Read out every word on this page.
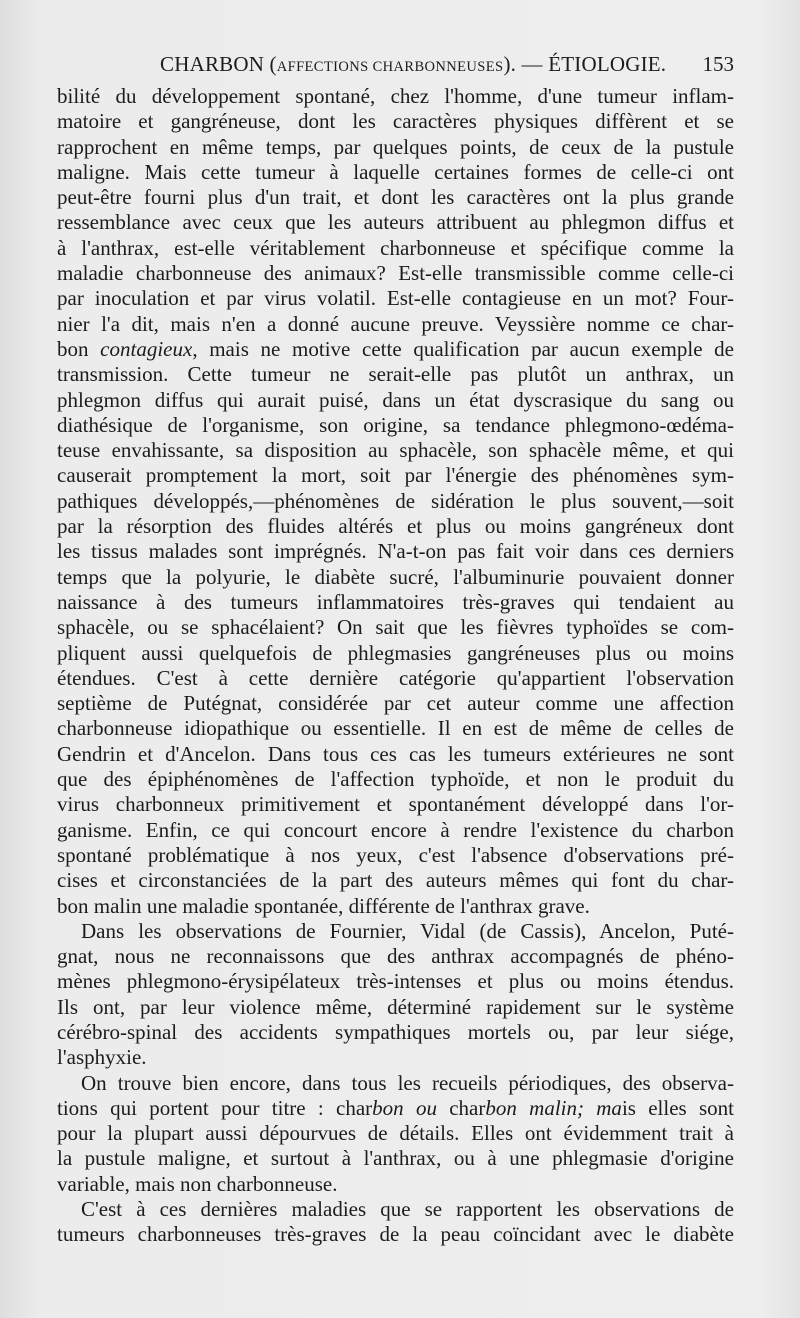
CHARBON (AFFECTIONS CHARBONNEUSES). — ÉTIOLOGIE. 153
bilité du développement spontané, chez l'homme, d'une tumeur inflam-
matoire et gangréneuse, dont les caractères physiques diffèrent et se
rapprochent en même temps, par quelques points, de ceux de la pustule
maligne. Mais cette tumeur à laquelle certaines formes de celle-ci ont
peut-être fourni plus d'un trait, et dont les caractères ont la plus grande
ressemblance avec ceux que les auteurs attribuent au phlegmon diffus et
à l'anthrax, est-elle véritablement charbonneuse et spécifique comme la
maladie charbonneuse des animaux? Est-elle transmissible comme celle-ci
par inoculation et par virus volatil. Est-elle contagieuse en un mot? Four-
nier l'a dit, mais n'en a donné aucune preuve. Veyssière nomme ce char-
bon contagieux, mais ne motive cette qualification par aucun exemple de
transmission. Cette tumeur ne serait-elle pas plutôt un anthrax, un
phlegmon diffus qui aurait puisé, dans un état dyscrasique du sang ou
diathésique de l'organisme, son origine, sa tendance phlegmono-œdéma-
teuse envahissante, sa disposition au sphacèle, son sphacèle même, et qui
causerait promptement la mort, soit par l'énergie des phénomènes sym-
pathiques développés,—phénomènes de sidération le plus souvent,—soit
par la résorption des fluides altérés et plus ou moins gangréneux dont
les tissus malades sont imprégnés. N'a-t-on pas fait voir dans ces derniers
temps que la polyurie, le diabète sucré, l'albuminurie pouvaient donner
naissance à des tumeurs inflammatoires très-graves qui tendaient au
sphacèle, ou se sphacélaient? On sait que les fièvres typhoïdes se com-
pliquent aussi quelquefois de phlegmasies gangréneuses plus ou moins
étendues. C'est à cette dernière catégorie qu'appartient l'observation
septième de Putégnat, considérée par cet auteur comme une affection
charbonneuse idiopathique ou essentielle. Il en est de même de celles de
Gendrin et d'Ancelon. Dans tous ces cas les tumeurs extérieures ne sont
que des épiphénomènes de l'affection typhoïde, et non le produit du
virus charbonneux primitivement et spontanément développé dans l'or-
ganisme. Enfin, ce qui concourt encore à rendre l'existence du charbon
spontané problématique à nos yeux, c'est l'absence d'observations pré-
cises et circonstanciées de la part des auteurs mêmes qui font du char-
bon malin une maladie spontanée, différente de l'anthrax grave.
Dans les observations de Fournier, Vidal (de Cassis), Ancelon, Puté-
gnat, nous ne reconnaissons que des anthrax accompagnés de phéno-
mènes phlegmono-érysipélateux très-intenses et plus ou moins étendus.
Ils ont, par leur violence même, déterminé rapidement sur le système
cérébro-spinal des accidents sympathiques mortels ou, par leur siége,
l'asphyxie.
On trouve bien encore, dans tous les recueils périodiques, des observa-
tions qui portent pour titre : charbon ou charbon malin; mais elles sont
pour la plupart aussi dépourvues de détails. Elles ont évidemment trait à
la pustule maligne, et surtout à l'anthrax, ou à une phlegmasie d'origine
variable, mais non charbonneuse.
C'est à ces dernières maladies que se rapportent les observations de
tumeurs charbonneuses très-graves de la peau coïncidant avec le diabète
